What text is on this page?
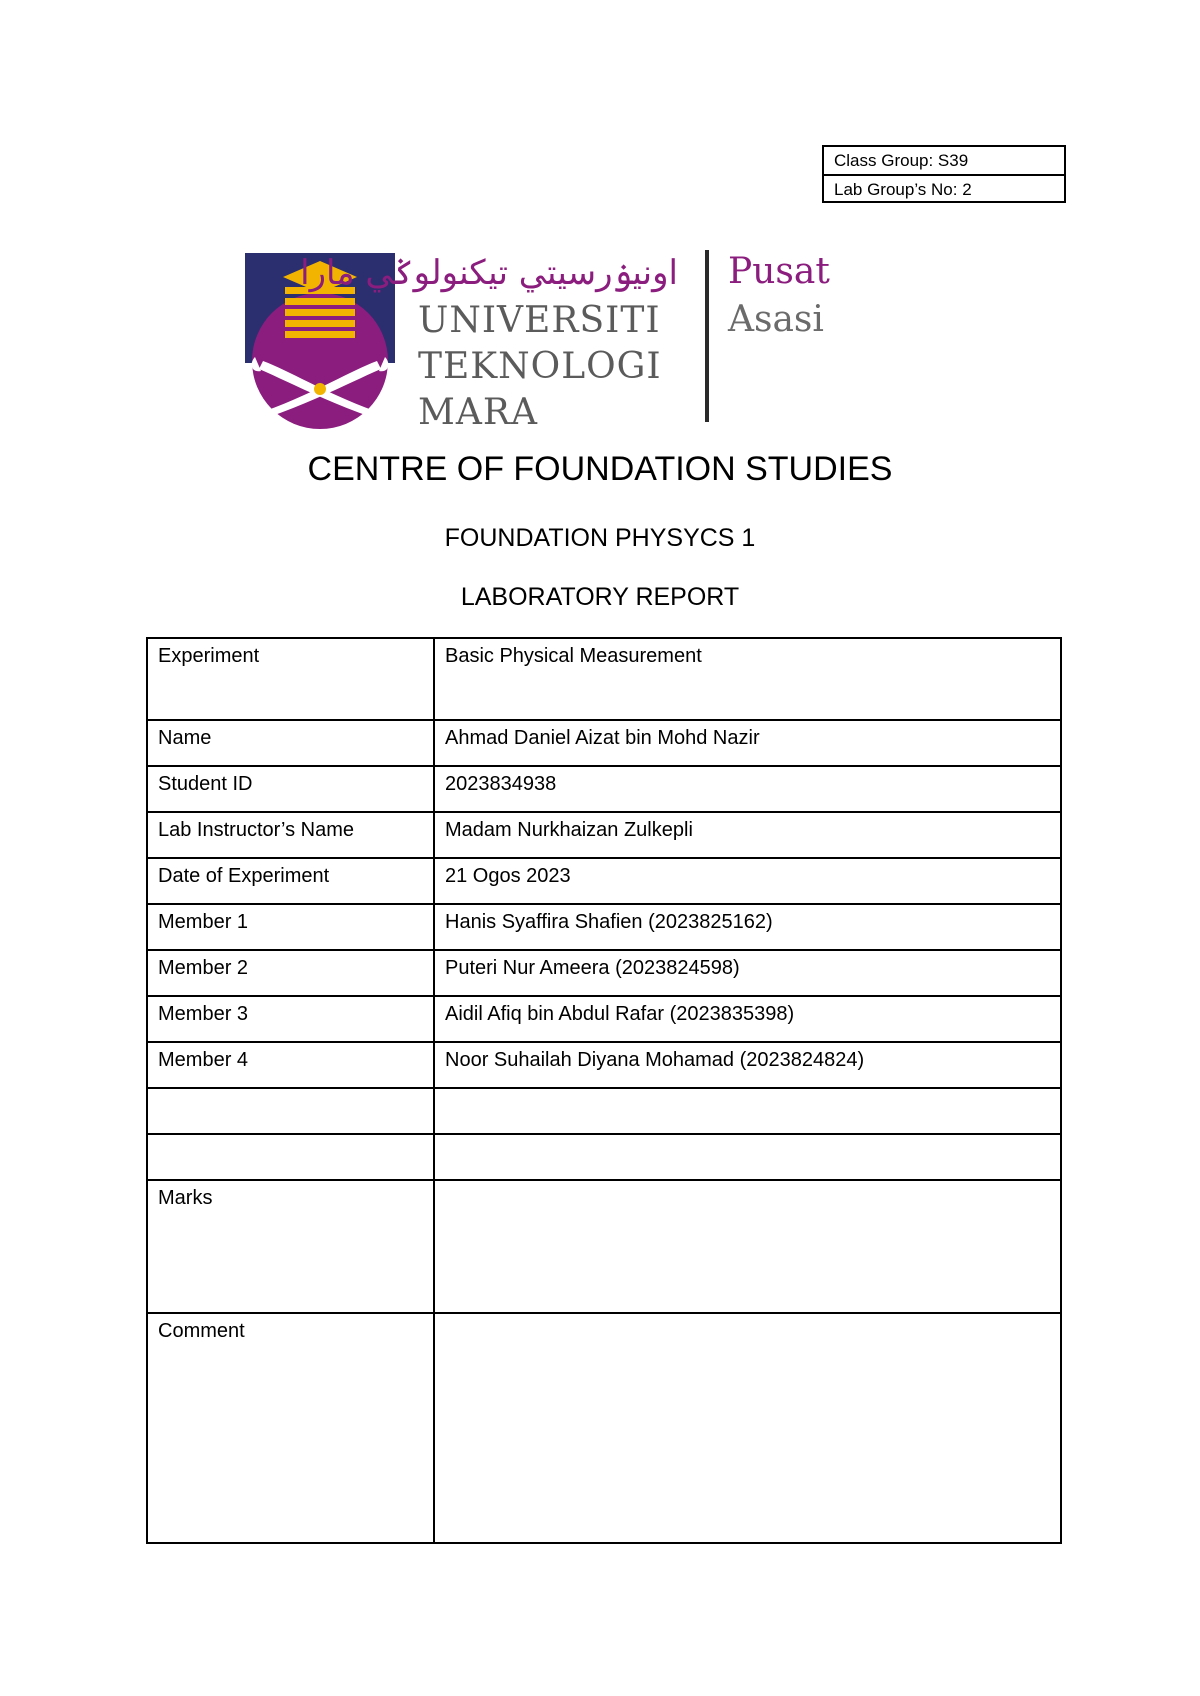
Class Group: S39
Lab Group’s No: 2
اونيۏرسيتي تيكنولوݢي مارا
UNIVERSITI
TEKNOLOGI
MARA
Pusat
Asasi
CENTRE OF FOUNDATION STUDIES
FOUNDATION PHYSYCS 1
LABORATORY REPORT
Experiment	Basic Physical Measurement
Name	Ahmad Daniel Aizat bin Mohd Nazir
Student ID	2023834938
Lab Instructor’s Name	Madam Nurkhaizan Zulkepli
Date of Experiment	21 Ogos 2023
Member 1	Hanis Syaffira Shafien (2023825162)
Member 2	Puteri Nur Ameera (2023824598)
Member 3	Aidil Afiq bin Abdul Rafar (2023835398)
Member 4	Noor Suhailah Diyana Mohamad (2023824824)

Marks	
Comment	
